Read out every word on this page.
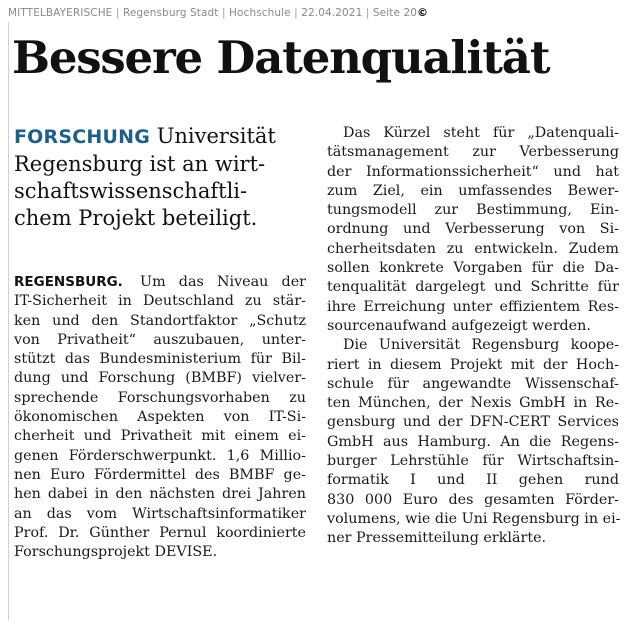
MITTELBAYERISCHE | Regensburg Stadt | Hochschule | 22.04.2021 | Seite 20©
Bessere Datenqualität
FORSCHUNG Universität
Regensburg ist an wirt-
schaftswissenschaftli-
chem Projekt beteiligt.
REGENSBURG. Um das Niveau der
IT-Sicherheit in Deutschland zu stär-
ken und den Standortfaktor „Schutz
von Privatheit“ auszubauen, unter-
stützt das Bundesministerium für Bil-
dung und Forschung (BMBF) vielver-
sprechende Forschungsvorhaben zu
ökonomischen Aspekten von IT-Si-
cherheit und Privatheit mit einem ei-
genen Förderschwerpunkt. 1,6 Millio-
nen Euro Fördermittel des BMBF ge-
hen dabei in den nächsten drei Jahren
an das vom Wirtschaftsinformatiker
Prof. Dr. Günther Pernul koordinierte
Forschungsprojekt DEVISE.
Das Kürzel steht für „Datenquali-
tätsmanagement zur Verbesserung
der Informationssicherheit“ und hat
zum Ziel, ein umfassendes Bewer-
tungsmodell zur Bestimmung, Ein-
ordnung und Verbesserung von Si-
cherheitsdaten zu entwickeln. Zudem
sollen konkrete Vorgaben für die Da-
tenqualität dargelegt und Schritte für
ihre Erreichung unter effizientem Res-
sourcenaufwand aufgezeigt werden.
Die Universität Regensburg koope-
riert in diesem Projekt mit der Hoch-
schule für angewandte Wissenschaf-
ten München, der Nexis GmbH in Re-
gensburg und der DFN-CERT Services
GmbH aus Hamburg. An die Regens-
burger Lehrstühle für Wirtschaftsin-
formatik I und II gehen rund
830 000 Euro des gesamten Förder-
volumens, wie die Uni Regensburg in ei-
ner Pressemitteilung erklärte.
